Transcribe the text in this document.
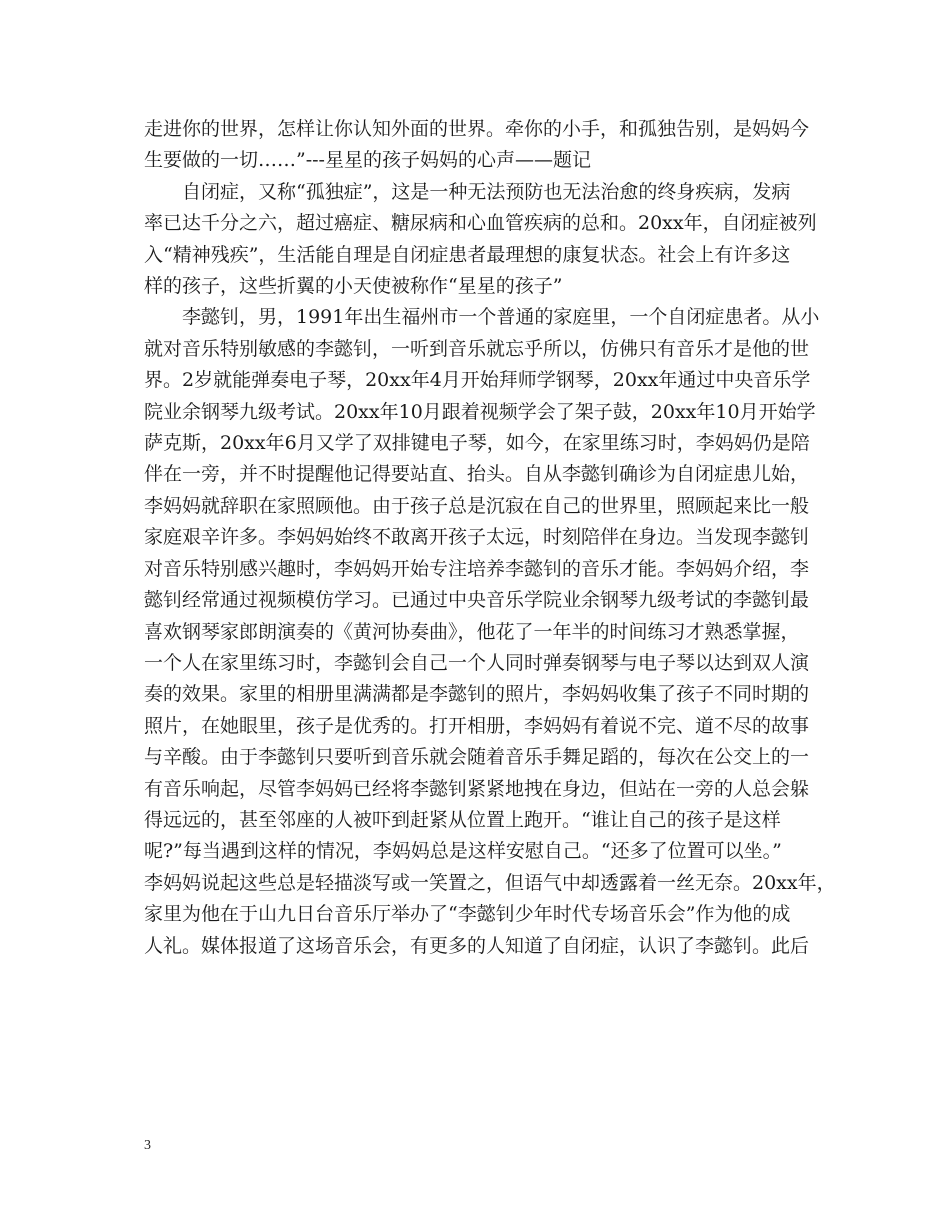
走进你的世界，怎样让你认知外面的世界。牵你的小手，和孤独告别，是妈妈今

生要做的一切……”---星星的孩子妈妈的心声——题记

自闭症，又称“孤独症”，这是一种无法预防也无法治愈的终身疾病，发病

率已达千分之六，超过癌症、糖尿病和心血管疾病的总和。20xx年，自闭症被列

入“精神残疾”，生活能自理是自闭症患者最理想的康复状态。社会上有许多这

样的孩子，这些折翼的小天使被称作“星星的孩子”

李懿钊，男，1991年出生福州市一个普通的家庭里，一个自闭症患者。从小

就对音乐特别敏感的李懿钊，一听到音乐就忘乎所以，仿佛只有音乐才是他的世

界。2岁就能弹奏电子琴，20xx年4月开始拜师学钢琴，20xx年通过中央音乐学

院业余钢琴九级考试。20xx年10月跟着视频学会了架子鼓，20xx年10月开始学

萨克斯，20xx年6月又学了双排键电子琴，如今，在家里练习时，李妈妈仍是陪

伴在一旁，并不时提醒他记得要站直、抬头。自从李懿钊确诊为自闭症患儿始，

李妈妈就辞职在家照顾他。由于孩子总是沉寂在自己的世界里，照顾起来比一般

家庭艰辛许多。李妈妈始终不敢离开孩子太远，时刻陪伴在身边。当发现李懿钊

对音乐特别感兴趣时，李妈妈开始专注培养李懿钊的音乐才能。李妈妈介绍，李

懿钊经常通过视频模仿学习。已通过中央音乐学院业余钢琴九级考试的李懿钊最

喜欢钢琴家郎朗演奏的《黄河协奏曲》，他花了一年半的时间练习才熟悉掌握，

一个人在家里练习时，李懿钊会自己一个人同时弹奏钢琴与电子琴以达到双人演

奏的效果。家里的相册里满满都是李懿钊的照片，李妈妈收集了孩子不同时期的

照片，在她眼里，孩子是优秀的。打开相册，李妈妈有着说不完、道不尽的故事

与辛酸。由于李懿钊只要听到音乐就会随着音乐手舞足蹈的，每次在公交上的一

有音乐响起，尽管李妈妈已经将李懿钊紧紧地拽在身边，但站在一旁的人总会躲

得远远的，甚至邻座的人被吓到赶紧从位置上跑开。“谁让自己的孩子是这样

呢?”每当遇到这样的情况，李妈妈总是这样安慰自己。“还多了位置可以坐。”

李妈妈说起这些总是轻描淡写或一笑置之，但语气中却透露着一丝无奈。20xx年，

家里为他在于山九日台音乐厅举办了“李懿钊少年时代专场音乐会”作为他的成

人礼。媒体报道了这场音乐会，有更多的人知道了自闭症，认识了李懿钊。此后

3
